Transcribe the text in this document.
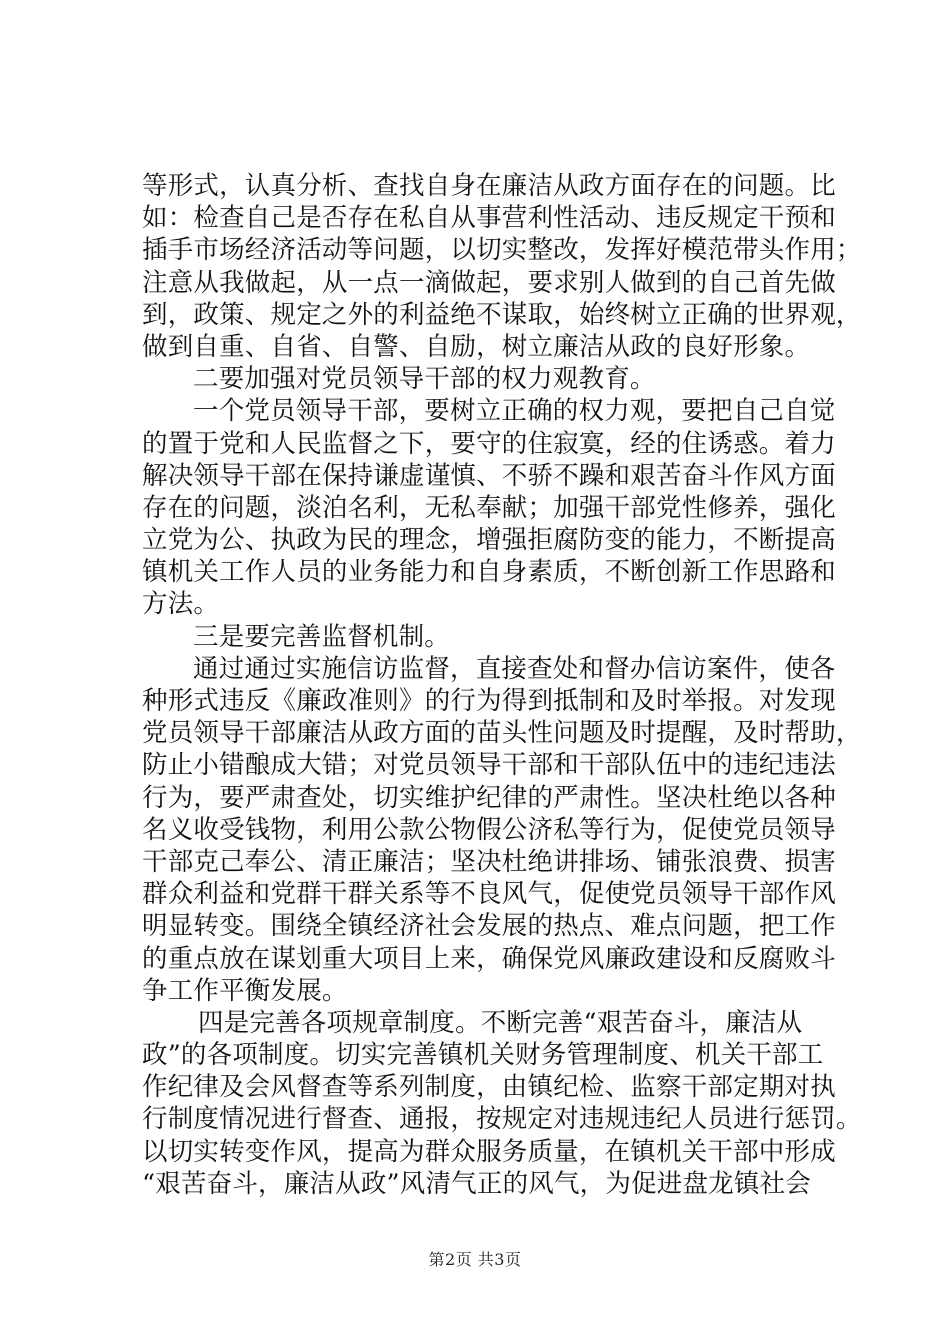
等形式，认真分析、查找自身在廉洁从政方面存在的问题。比
如：检查自己是否存在私自从事营利性活动、违反规定干预和
插手市场经济活动等问题，以切实整改，发挥好模范带头作用；
注意从我做起，从一点一滴做起，要求别人做到的自己首先做
到，政策、规定之外的利益绝不谋取，始终树立正确的世界观，
做到自重、自省、自警、自励，树立廉洁从政的良好形象。
二要加强对党员领导干部的权力观教育。
一个党员领导干部，要树立正确的权力观，要把自己自觉
的置于党和人民监督之下，要守的住寂寞，经的住诱惑。着力
解决领导干部在保持谦虚谨慎、不骄不躁和艰苦奋斗作风方面
存在的问题，淡泊名利，无私奉献；加强干部党性修养，强化
立党为公、执政为民的理念，增强拒腐防变的能力，不断提高
镇机关工作人员的业务能力和自身素质，不断创新工作思路和
方法。
三是要完善监督机制。
通过通过实施信访监督，直接查处和督办信访案件，使各
种形式违反《廉政准则》的行为得到抵制和及时举报。对发现
党员领导干部廉洁从政方面的苗头性问题及时提醒，及时帮助，
防止小错酿成大错；对党员领导干部和干部队伍中的违纪违法
行为，要严肃查处，切实维护纪律的严肃性。坚决杜绝以各种
名义收受钱物，利用公款公物假公济私等行为，促使党员领导
干部克己奉公、清正廉洁；坚决杜绝讲排场、铺张浪费、损害
群众利益和党群干群关系等不良风气，促使党员领导干部作风
明显转变。围绕全镇经济社会发展的热点、难点问题，把工作
的重点放在谋划重大项目上来，确保党风廉政建设和反腐败斗
争工作平衡发展。
四是完善各项规章制度。不断完善“艰苦奋斗，廉洁从
政”的各项制度。切实完善镇机关财务管理制度、机关干部工
作纪律及会风督查等系列制度，由镇纪检、监察干部定期对执
行制度情况进行督查、通报，按规定对违规违纪人员进行惩罚。
以切实转变作风，提高为群众服务质量，在镇机关干部中形成
“艰苦奋斗，廉洁从政”风清气正的风气，为促进盘龙镇社会
第2页 共3页
